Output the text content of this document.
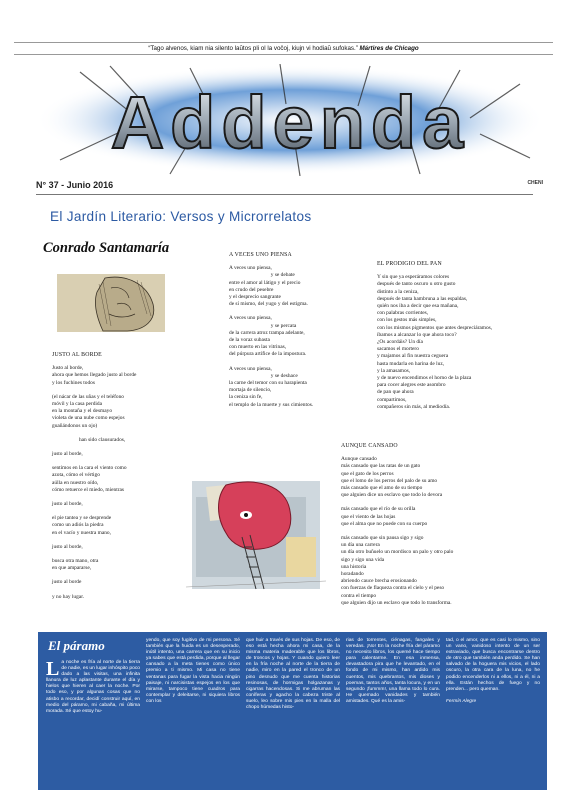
“Tago alvenos, kiam nia silento laŭtos pli ol la voĉoj, kiujn vi hodiaŭ sufokas.” Mártires de Chicago
Addenda
N° 37 - Junio 2016	CHENI
El Jardín Literario: Versos y Microrrelatos
Conrado Santamaría
JUSTO AL BORDE
Justo al borde,
ahora que hemos llegado justo al borde
y los fuchines todos
(el nácar de las uñas y el teléfono
móvil y la casa perdida
en la montaña y el desmayo
violeta de una nube como espejos
guañándonos un ojo)
han sido clausurados,
justo al borde,
sentimos en la cara el viento como
azota, cómo el vértigo
aúlla en nuestro oído,
cómo retuerce el miedo, mientras
justo al borde,
el pie tantea y se desprende
como un adiós la piedra
en el vacío y nuestra mano,
justo al borde,
busca otra mano, otra
en que ampararse,
justo al borde
y no hay lugar.
A VECES UNO PIENSA
A veces uno piensa,
y se debate
entre el amor al látigo y el precio
en crudo del pesebre
y el desprecio sangrante
de sí mismo, del yugo y del estigma.
A veces uno piensa,
y se percata
de la carrera atroz trampa adelante,
de la voraz subasta
con muerto en las vitrinas,
del púrpura artífice de la impostura.
A veces uno piensa,
y se deshace
la carne del temor con su harapienta
mortaja de silencio,
la ceniza sin fe,
el templo de la muerte y sus cimientos.
EL PRODIGIO DEL PAN
Y sin que ya esperáramos colores
después de tanto oscuro u otro gusto
distinto a la ceniza,
después de tanta hambruna a las espaldas,
quién nos iba a decir que esa mañana,
con palabras corrientes,
con los gestos más simples,
con los mismos pigmentos que antes despreciáramos,
íbamos a alcanzar lo que ahora toco?
¿Os acordáis? Un día
sacamos el mortero
y majamos al fin nuestra ceguera
hasta mudarla en harina de luz,
y la amasamos,
y de nuevo encendimos el horno de la plaza
para cocer alegres este asombro
de pan que ahora
compartimos,
compañeros sin más, al mediodía.
AUNQUE CANSADO
Aunque cansado
más cansado que las ratas de un gato
que el gato de los perros
que el lomo de los perros del palo de su amo
más cansado que el amo de su tiempo
que alguien dice un esclavo que todo lo devora
más cansado que el río de su orilla
que el viento de las hojas
que el alma que no puede con su cuerpo
más cansado que sin pausa sigo y sigo
un día una carrera
un día otro buñuelo un mordisco un palo y otro palo
sigo y sigo una vida
una historia
horadando
abriendo cauce brecha erosionando
con fuerzas de flaqueza contra el cielo y el peso
contra el tiempo
que alguien dijo un esclavo que todo lo transforma.
El páramo
La noche es fría al norte de la tierra de nadie, es un lugar inhóspito poco dado a las visitas, una infinita llanura de luz aplastante durante el día y hielos que hieren al caer la noche. Por todo eso, y por algunas cosas que no atisbo a recordar, decidí construir aquí, en medio del páramo, mi cabaña, mi última morada. Sé que estoy hu-
yendo, que soy fugitivo de mi persona. Sé también que la huida es un desesperado, inútil intento, una carrera que en su inicio ya sabes que está perdida, porque al llegar cansado a la meta tienes como único premio a ti mismo. Mi casa no tiene ventanas para fugar la vista hacia ningún paisaje, ni narcisistas espejos en los que mirarse, tampoco tiene cuadros para contemplar y deleitarse, ni siquiera libros con los
que huir a través de sus hojas. De eso, de eso está hecha ahora mi casa, de la misma materia maderable que los libros, de troncos y hojas. Y cuando quiero leer en la fría noche al norte de la tierra de nadie, miro en la pared el tronco de un pino desnudo que me cuenta historias resinosas, de hormigas holgazanas y cigarras hacendosas. Si me abruman las coníferas y agacho la cabeza triste al suelo, leo sobre mis pies en la malla del chopo húmedas histo-
rias de torrentes, ciénagas, fangales y veredas. ¡No! En la noche fría del páramo no necesito libros, los quemé hace tiempo para calentarme. En esa inmensa, devastadora pira que he levantado, en el fondo de mi mismo, han ardido mis cuentos, mis quebrantos, mis dioses y poemas, tantos años, tanta locura, y en un segundo ¡fummm!, una llama todo lo cura. He quemado vanidades y también amistades. Qué es la amis-
tad, o el amor, que es casi lo mismo, sino un vano, vanidoso intento de un ser extraviado, que busca encontrarse dentro de otro que también anda perdido. Se han salvado de la hoguera mis vicios, el lado oscuro, la otra cara de la luna, no he podido encenderlos ni a ellos, ni a él, ni a ella. Están hechos de fuego y no prenden... pero queman.
Fermín Alegre
